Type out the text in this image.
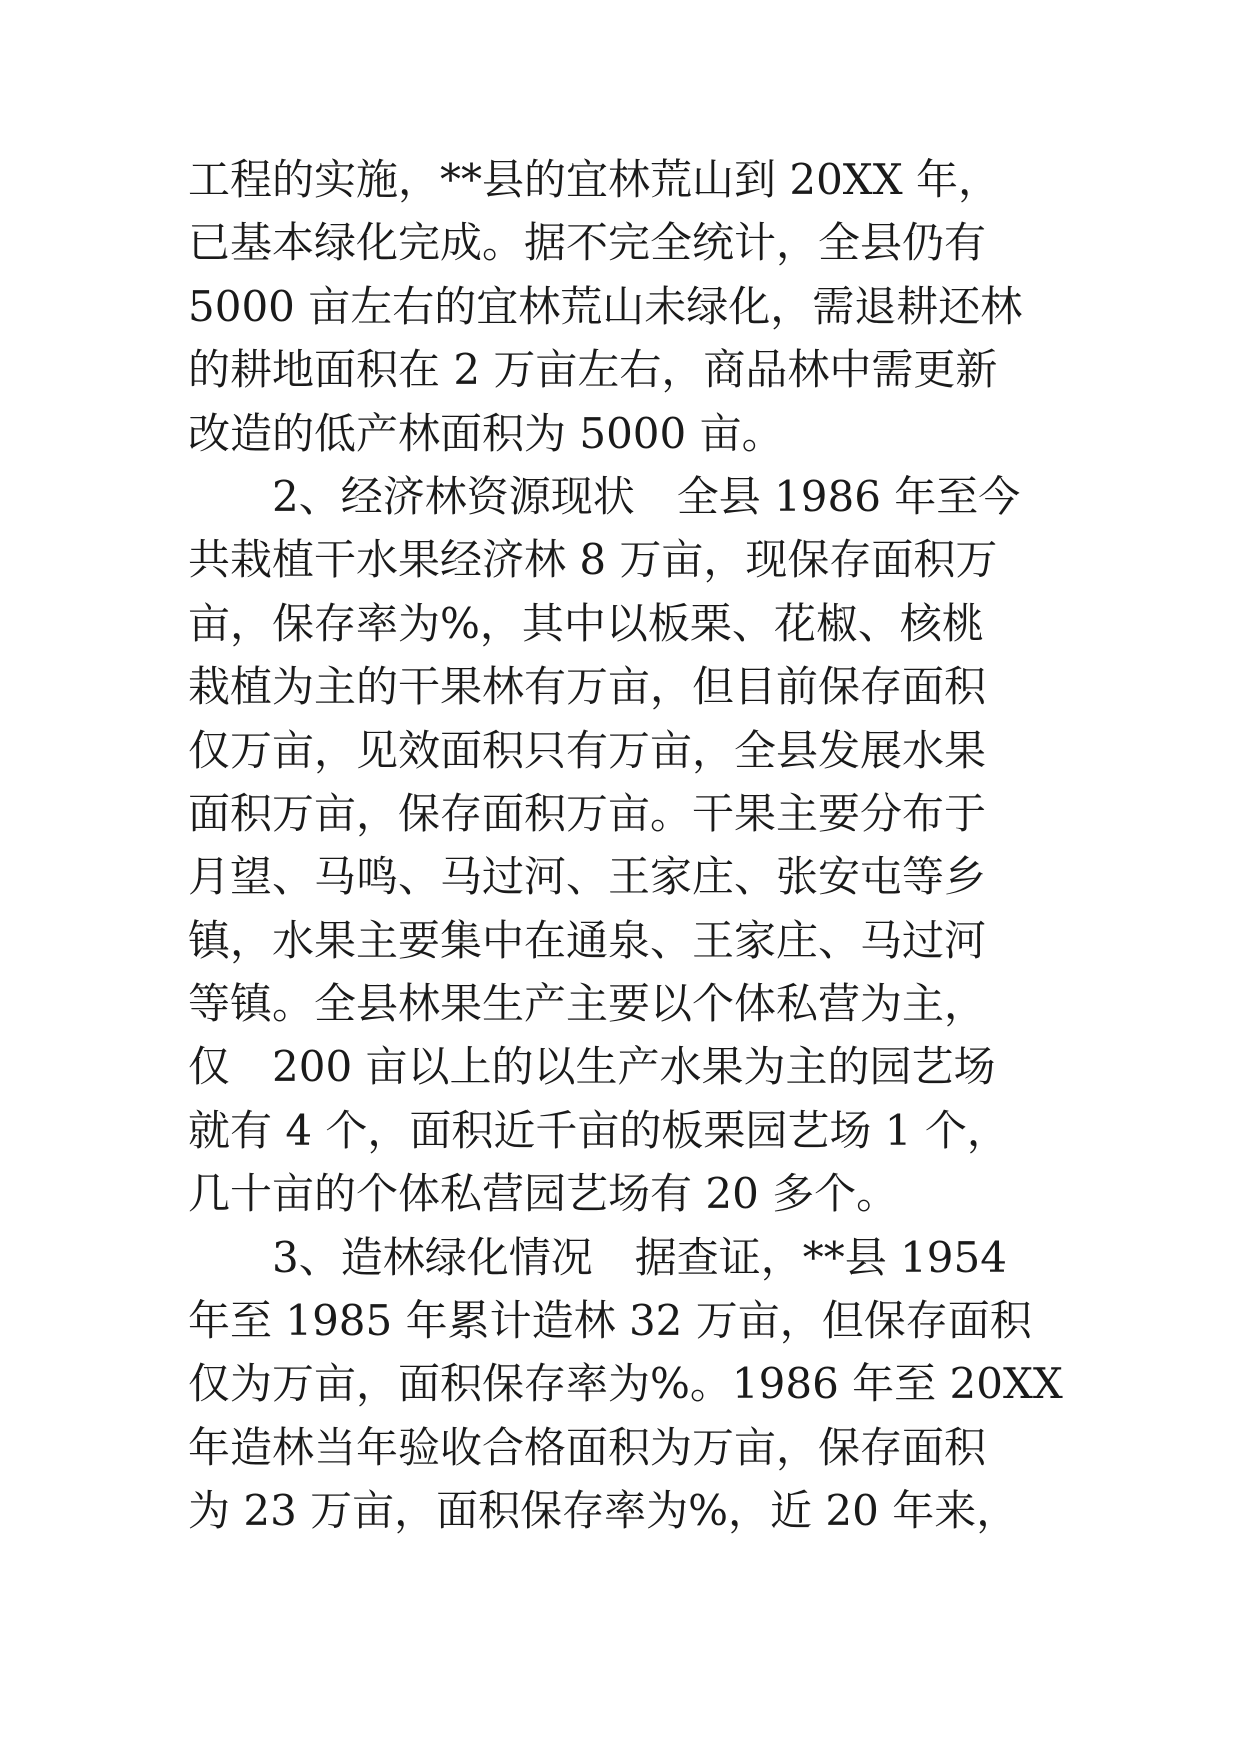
工程的实施，**县的宜林荒山到 20XX 年，
已基本绿化完成。据不完全统计，全县仍有
5000 亩左右的宜林荒山未绿化，需退耕还林
的耕地面积在 2 万亩左右，商品林中需更新
改造的低产林面积为 5000 亩。
　　2、经济林资源现状　全县 1986 年至今
共栽植干水果经济林 8 万亩，现保存面积万
亩，保存率为%，其中以板栗、花椒、核桃
栽植为主的干果林有万亩，但目前保存面积
仅万亩，见效面积只有万亩，全县发展水果
面积万亩，保存面积万亩。干果主要分布于
月望、马鸣、马过河、王家庄、张安屯等乡
镇，水果主要集中在通泉、王家庄、马过河
等镇。全县林果生产主要以个体私营为主，
仅　200 亩以上的以生产水果为主的园艺场
就有 4 个，面积近千亩的板栗园艺场 1 个，
几十亩的个体私营园艺场有 20 多个。
　　3、造林绿化情况　据查证，**县 1954
年至 1985 年累计造林 32 万亩，但保存面积
仅为万亩，面积保存率为%。1986 年至 20XX
年造林当年验收合格面积为万亩，保存面积
为 23 万亩，面积保存率为%，近 20 年来，
